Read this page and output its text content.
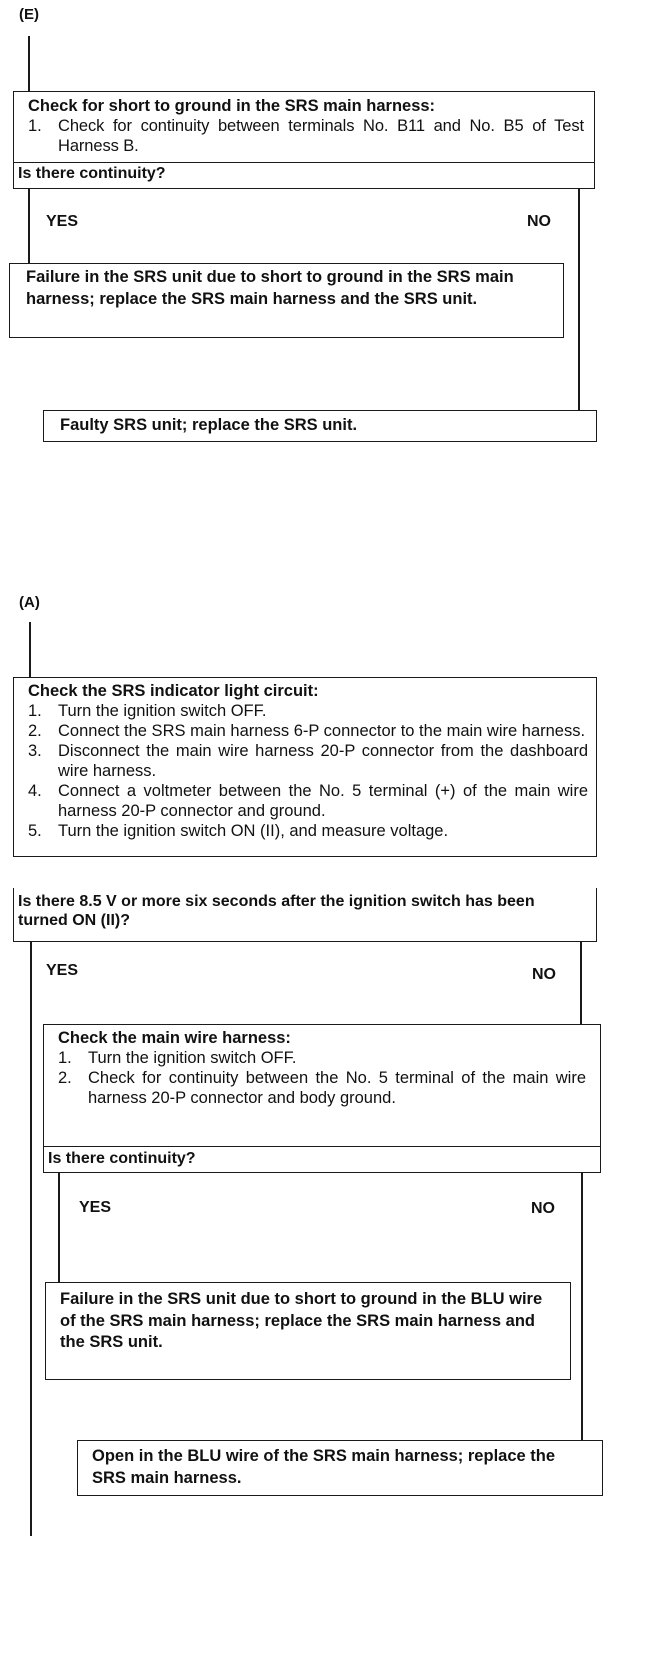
(E)
Check for short to ground in the SRS main harness:
1. Check for continuity between terminals No. B11 and No. B5 of Test Harness B.
Is there continuity?
YES	NO
Failure in the SRS unit due to short to ground in the SRS main harness; replace the SRS main harness and the SRS unit.
Faulty SRS unit; replace the SRS unit.
(A)
Check the SRS indicator light circuit:
1. Turn the ignition switch OFF.
2. Connect the SRS main harness 6-P connector to the main wire harness.
3. Disconnect the main wire harness 20-P connector from the dashboard wire harness.
4. Connect a voltmeter between the No. 5 terminal (+) of the main wire harness 20-P connector and ground.
5. Turn the ignition switch ON (II), and measure voltage.
Is there 8.5 V or more six seconds after the ignition switch has been turned ON (II)?
YES	NO
Check the main wire harness:
1. Turn the ignition switch OFF.
2. Check for continuity between the No. 5 terminal of the main wire harness 20-P connector and body ground.
Is there continuity?
YES	NO
Failure in the SRS unit due to short to ground in the BLU wire of the SRS main harness; replace the SRS main harness and the SRS unit.
Open in the BLU wire of the SRS main harness; replace the SRS main harness.
